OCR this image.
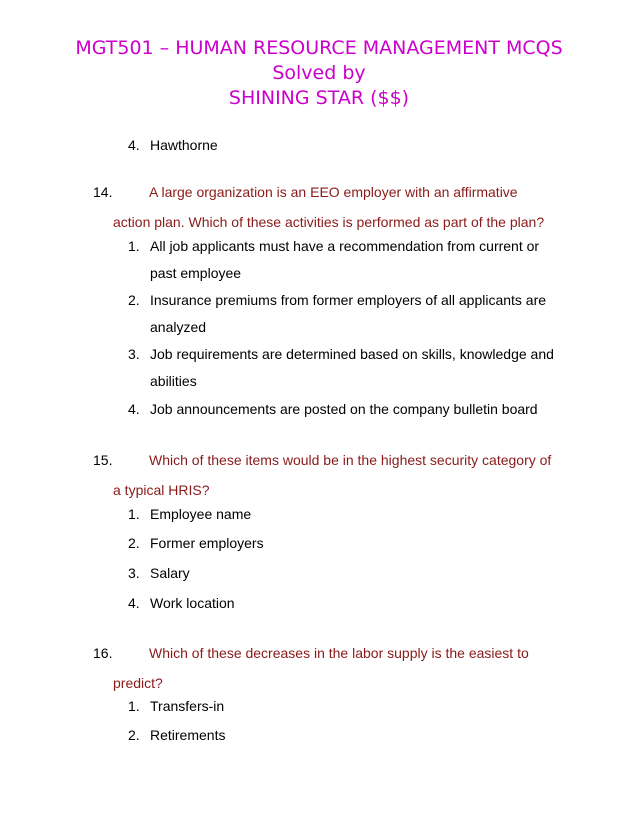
MGT501 – HUMAN RESOURCE MANAGEMENT MCQS
Solved by
SHINING STAR ($$)
4. Hawthorne
14.	A large organization is an EEO employer with an affirmative
action plan. Which of these activities is performed as part of the plan?
1. All job applicants must have a recommendation from current or
past employee
2. Insurance premiums from former employers of all applicants are
analyzed
3. Job requirements are determined based on skills, knowledge and
abilities
4. Job announcements are posted on the company bulletin board
15.	Which of these items would be in the highest security category of
a typical HRIS?
1. Employee name
2. Former employers
3. Salary
4. Work location
16.	Which of these decreases in the labor supply is the easiest to
predict?
1. Transfers-in
2. Retirements
